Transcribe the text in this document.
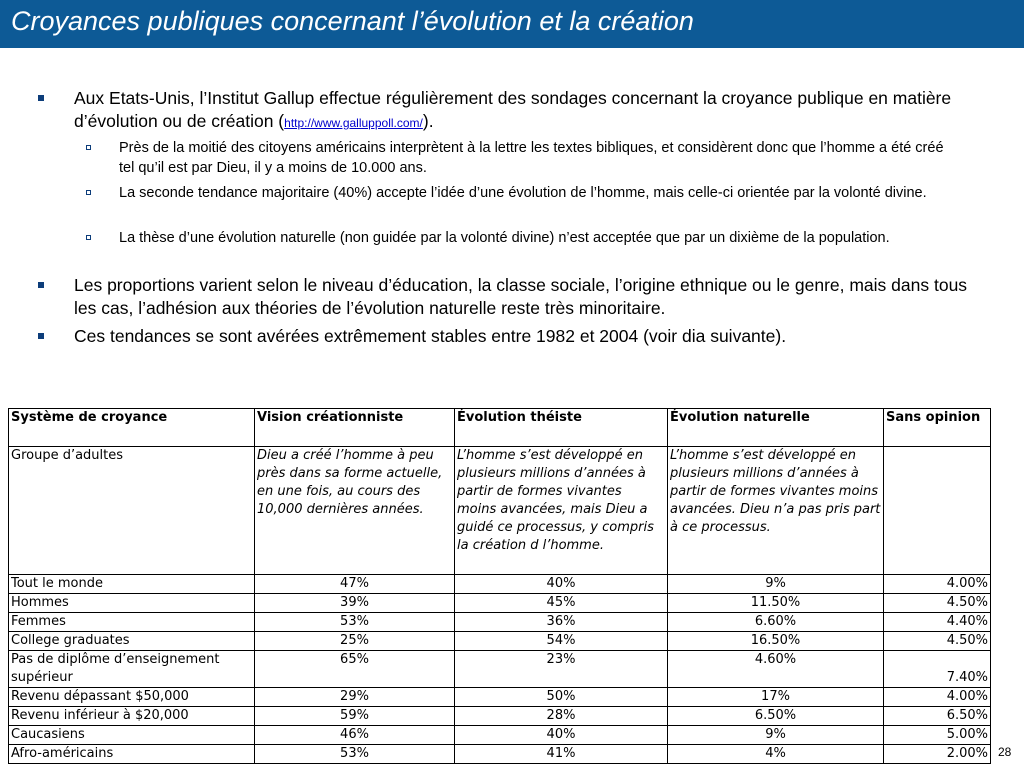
Croyances publiques concernant l’évolution et la création
Aux Etats-Unis, l’Institut Gallup effectue régulièrement des sondages concernant la croyance publique en matière d’évolution ou de création (http://www.galluppoll.com/).
Près de la moitié des citoyens américains interprètent à la lettre les textes bibliques, et considèrent donc que l’homme a été créé tel qu’il est par Dieu, il y a moins de 10.000 ans.
La seconde tendance majoritaire (40%) accepte l’idée d’une évolution de l’homme, mais celle-ci orientée par la volonté divine.
La thèse d’une évolution naturelle (non guidée par la volonté divine) n’est acceptée que par un dixième de la population.
Les proportions varient selon le niveau d’éducation, la classe sociale, l’origine ethnique ou le genre, mais dans tous les cas, l’adhésion aux théories de l’évolution naturelle reste très minoritaire.
Ces tendances se sont avérées extrêmement stables entre 1982 et 2004 (voir dia suivante).
Système de croyance	Vision créationniste	Évolution théiste	Évolution naturelle	Sans opinion
Groupe d’adultes	Dieu a créé l’homme à peu près dans sa forme actuelle, en une fois, au cours des 10,000 dernières années.	L’homme s’est développé en plusieurs millions d’années à partir de formes vivantes moins avancées, mais Dieu a guidé ce processus, y compris la création d l’homme.	L’homme s’est développé en plusieurs millions d’années à partir de formes vivantes moins avancées. Dieu n’a pas pris part à ce processus.	
Tout le monde	47%	40%	9%	4.00%
Hommes	39%	45%	11.50%	4.50%
Femmes	53%	36%	6.60%	4.40%
College graduates	25%	54%	16.50%	4.50%
Pas de diplôme d’enseignement supérieur	65%	23%	4.60%	7.40%
Revenu dépassant $50,000	29%	50%	17%	4.00%
Revenu inférieur à $20,000	59%	28%	6.50%	6.50%
Caucasiens	46%	40%	9%	5.00%
Afro-américains	53%	41%	4%	2.00% 28
